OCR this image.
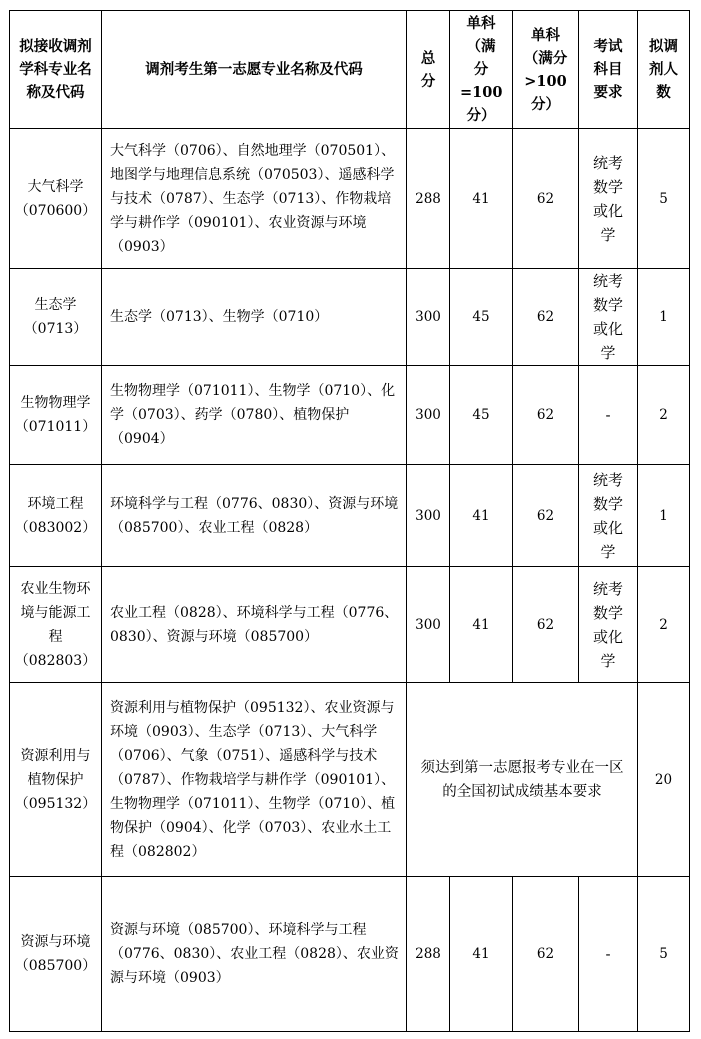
拟接收调剂学科专业名称及代码	调剂考生第一志愿专业名称及代码	总分	单科（满分=100分）	单科（满分>100分）	考试科目要求	拟调剂人数
大气科学（070600）	大气科学（0706）、自然地理学（070501）、地图学与地理信息系统（070503）、遥感科学与技术（0787）、生态学（0713）、作物栽培学与耕作学（090101）、农业资源与环境（0903）	288	41	62	统考数学或化学	5
生态学（0713）	生态学（0713）、生物学（0710）	300	45	62	统考数学或化学	1
生物物理学（071011）	生物物理学（071011）、生物学（0710）、化学（0703）、药学（0780）、植物保护（0904）	300	45	62	-	2
环境工程（083002）	环境科学与工程（0776、0830）、资源与环境（085700）、农业工程（0828）	300	41	62	统考数学或化学	1
农业生物环境与能源工程（082803）	农业工程（0828）、环境科学与工程（0776、0830）、资源与环境（085700）	300	41	62	统考数学或化学	2
资源利用与植物保护（095132）	资源利用与植物保护（095132）、农业资源与环境（0903）、生态学（0713）、大气科学（0706）、气象（0751）、遥感科学与技术（0787）、作物栽培学与耕作学（090101）、生物物理学（071011）、生物学（0710）、植物保护（0904）、化学（0703）、农业水土工程（082802）	须达到第一志愿报考专业在一区的全国初试成绩基本要求				20
资源与环境（085700）	资源与环境（085700）、环境科学与工程（0776、0830）、农业工程（0828）、农业资源与环境（0903）	288	41	62	-	5
